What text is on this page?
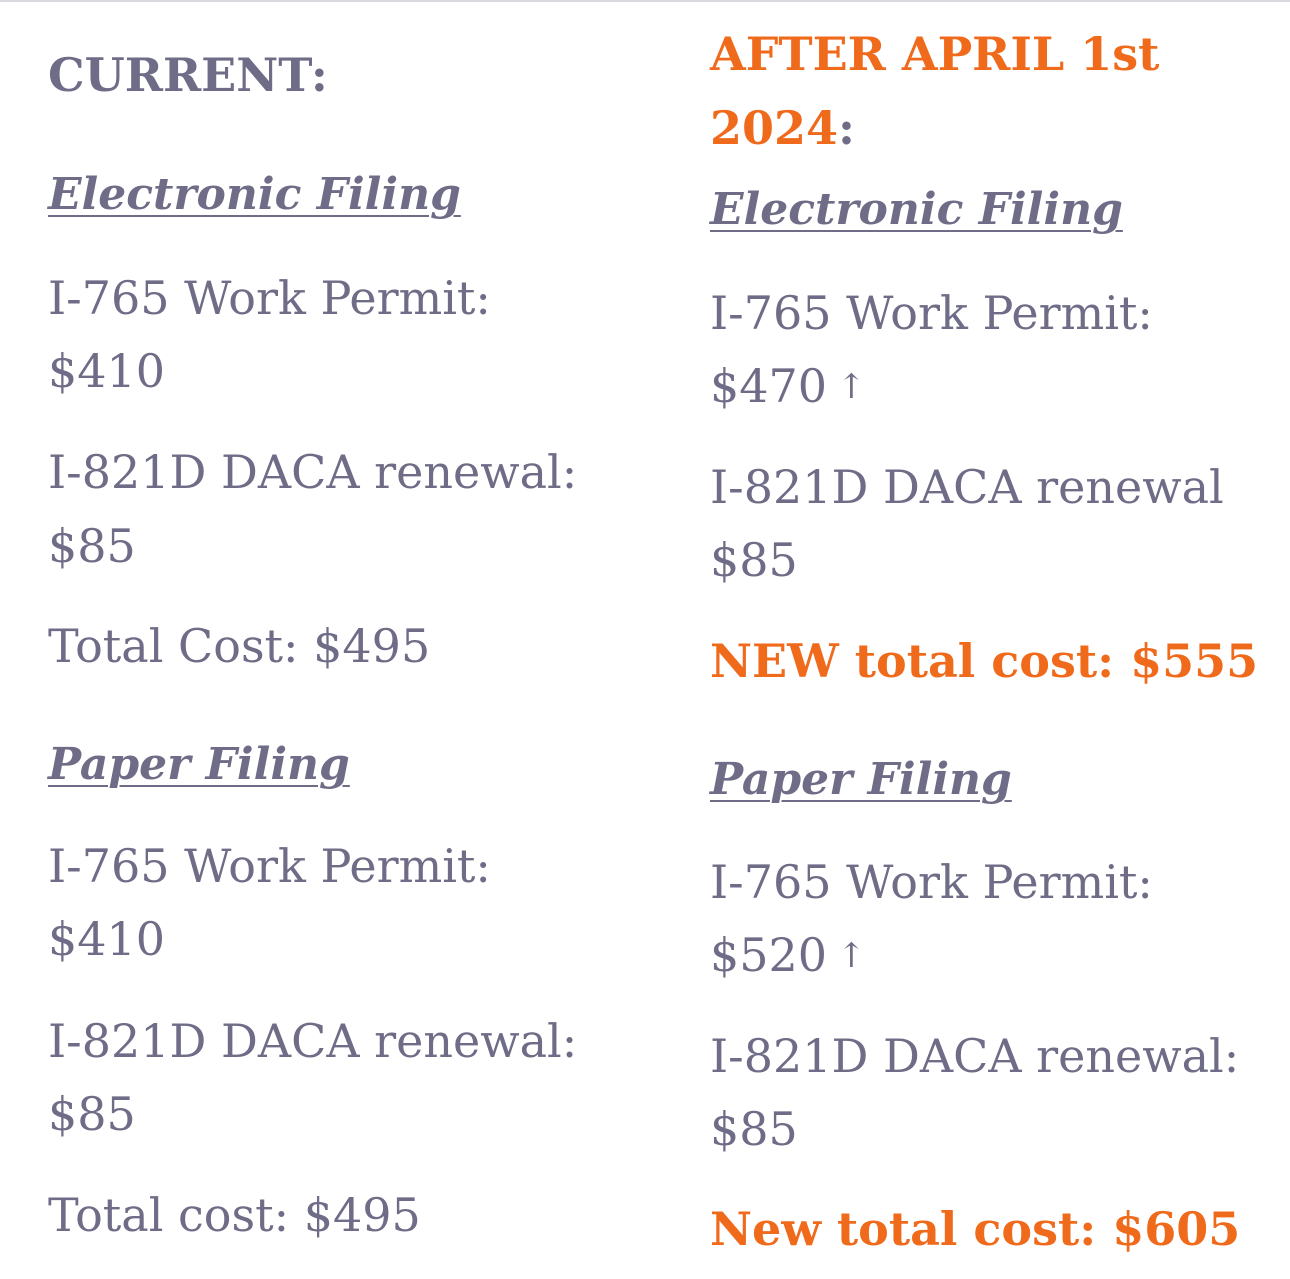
CURRENT:
Electronic Filing
I-765 Work Permit:
$410
I-821D DACA renewal:
$85
Total Cost: $495
Paper Filing
I-765 Work Permit:
$410
I-821D DACA renewal:
$85
Total cost: $495
AFTER APRIL 1st
2024:
Electronic Filing
I-765 Work Permit:
$470 ↑
I-821D DACA renewal
$85
NEW total cost: $555
Paper Filing
I-765 Work Permit:
$520 ↑
I-821D DACA renewal:
$85
New total cost: $605
